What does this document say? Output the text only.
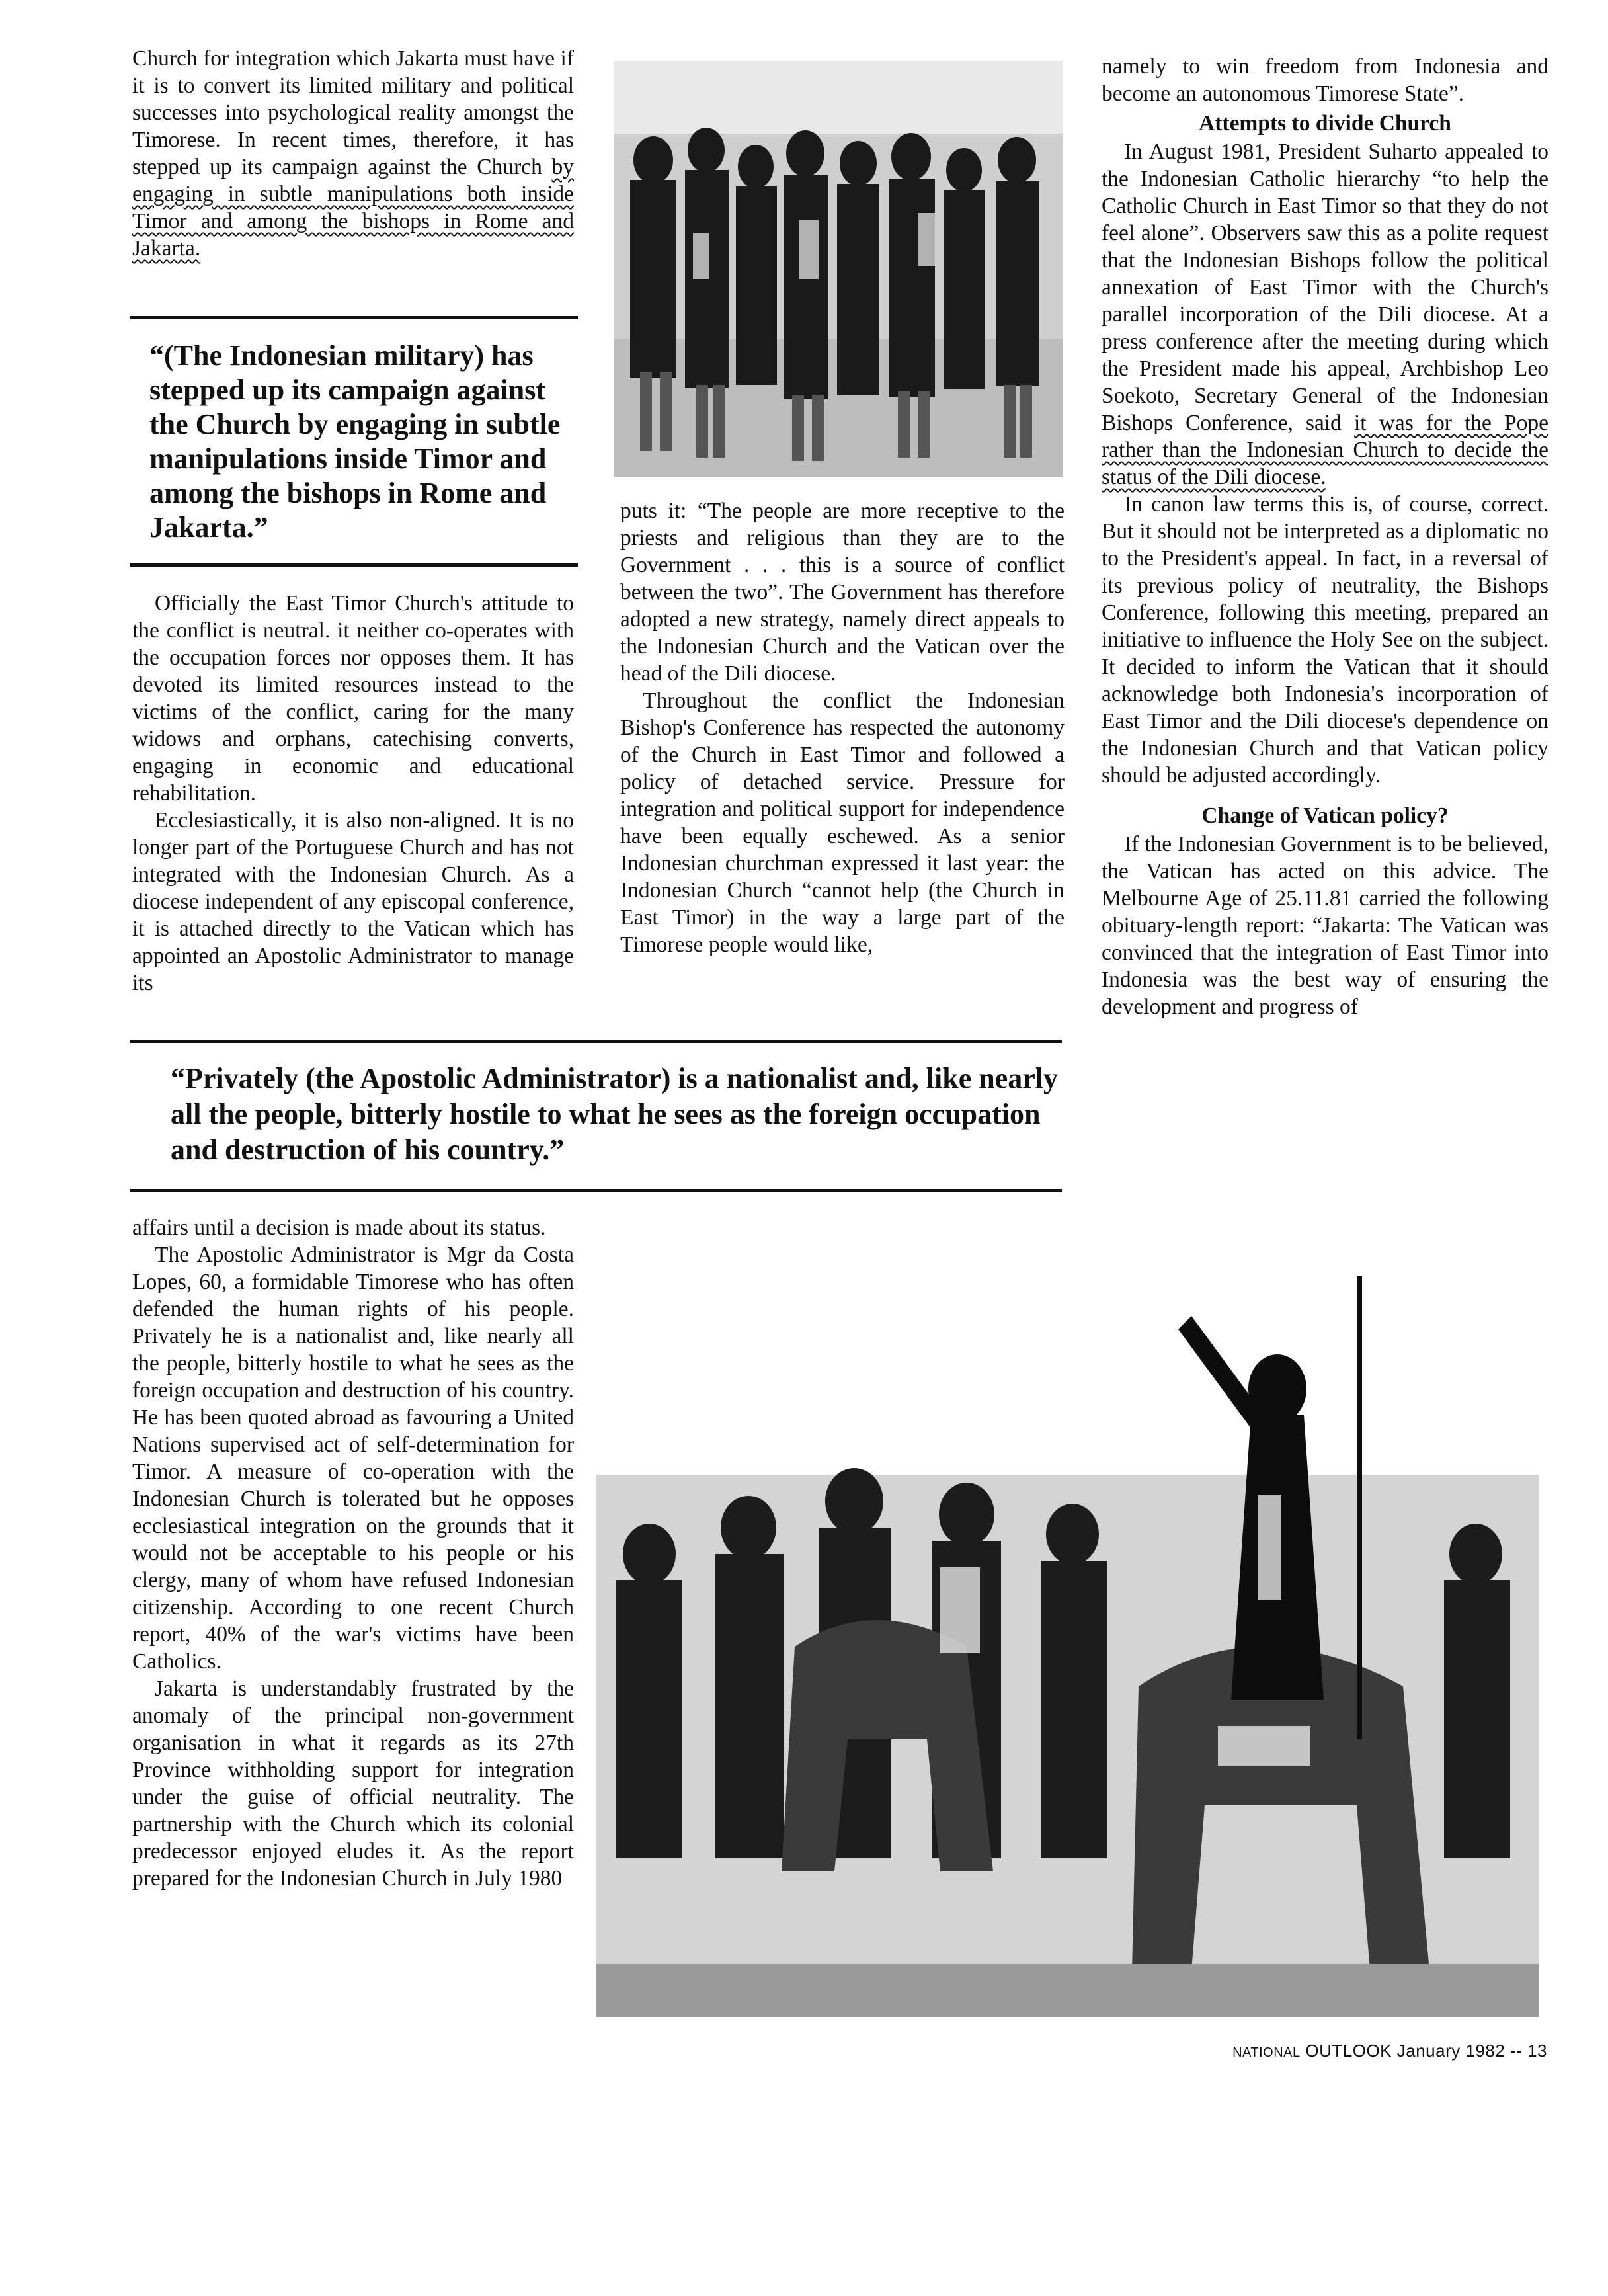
Church for integration which Jakarta must have if it is to convert its limited military and political successes into psychological reality amongst the Timorese. In recent times, therefore, it has stepped up its campaign against the Church by engaging in subtle manipulations both inside Timor and among the bishops in Rome and Jakarta.

“(The Indonesian military) has stepped up its campaign against the Church by engaging in subtle manipulations inside Timor and among the bishops in Rome and Jakarta.”

Officially the East Timor Church's attitude to the conflict is neutral. it neither co-operates with the occupation forces nor opposes them. It has devoted its limited resources instead to the victims of the conflict, caring for the many widows and orphans, catechising converts, engaging in economic and educational rehabilitation.

Ecclesiastically, it is also non-aligned. It is no longer part of the Portuguese Church and has not integrated with the Indonesian Church. As a diocese independent of any episcopal conference, it is attached directly to the Vatican which has appointed an Apostolic Administrator to manage its

puts it: “The people are more receptive to the priests and religious than they are to the Government . . . this is a source of conflict between the two”. The Government has therefore adopted a new strategy, namely direct appeals to the Indonesian Church and the Vatican over the head of the Dili diocese.

Throughout the conflict the Indonesian Bishop's Conference has respected the autonomy of the Church in East Timor and followed a policy of detached service. Pressure for integration and political support for independence have been equally eschewed. As a senior Indonesian churchman expressed it last year: the Indonesian Church “cannot help (the Church in East Timor) in the way a large part of the Timorese people would like,

namely to win freedom from Indonesia and become an autonomous Timorese State”.

Attempts to divide Church

In August 1981, President Suharto appealed to the Indonesian Catholic hierarchy “to help the Catholic Church in East Timor so that they do not feel alone”. Observers saw this as a polite request that the Indonesian Bishops follow the political annexation of East Timor with the Church's parallel incorporation of the Dili diocese. At a press conference after the meeting during which the President made his appeal, Archbishop Leo Soekoto, Secretary General of the Indonesian Bishops Conference, said it was for the Pope rather than the Indonesian Church to decide the status of the Dili diocese.

In canon law terms this is, of course, correct. But it should not be interpreted as a diplomatic no to the President's appeal. In fact, in a reversal of its previous policy of neutrality, the Bishops Conference, following this meeting, prepared an initiative to influence the Holy See on the subject. It decided to inform the Vatican that it should acknowledge both Indonesia's incorporation of East Timor and the Dili diocese's dependence on the Indonesian Church and that Vatican policy should be adjusted accordingly.

Change of Vatican policy?

If the Indonesian Government is to be believed, the Vatican has acted on this advice. The Melbourne Age of 25.11.81 carried the following obituary-length report: “Jakarta: The Vatican was convinced that the integration of East Timor into Indonesia was the best way of ensuring the development and progress of

“Privately (the Apostolic Administrator) is a nationalist and, like nearly all the people, bitterly hostile to what he sees as the foreign occupation and destruction of his country.”

affairs until a decision is made about its status.

The Apostolic Administrator is Mgr da Costa Lopes, 60, a formidable Timorese who has often defended the human rights of his people. Privately he is a nationalist and, like nearly all the people, bitterly hostile to what he sees as the foreign occupation and destruction of his country. He has been quoted abroad as favouring a United Nations supervised act of self-determination for Timor. A measure of co-operation with the Indonesian Church is tolerated but he opposes ecclesiastical integration on the grounds that it would not be acceptable to his people or his clergy, many of whom have refused Indonesian citizenship. According to one recent Church report, 40% of the war's victims have been Catholics.

Jakarta is understandably frustrated by the anomaly of the principal non-government organisation in what it regards as its 27th Province withholding support for integration under the guise of official neutrality. The partnership with the Church which its colonial predecessor enjoyed eludes it. As the report prepared for the Indonesian Church in July 1980

NATIONAL OUTLOOK January 1982 -- 13
